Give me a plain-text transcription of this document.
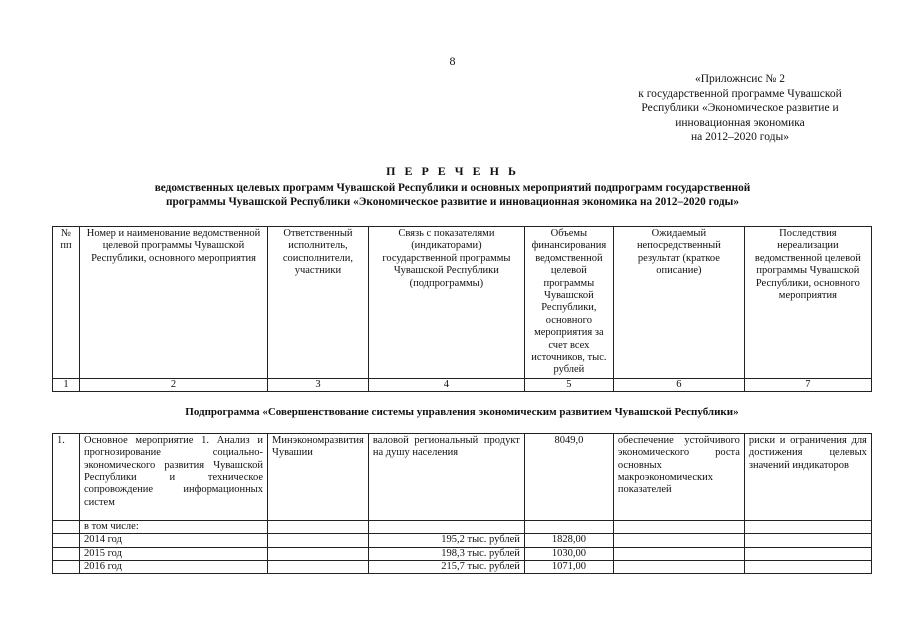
8
«Приложнсис № 2
к государственной программе Чувашской
Республики «Экономическое развитие и
инновационная экономика
на 2012–2020 годы»
П Е Р Е Ч Е Н Ь
ведомственных целевых программ Чувашской Республики и основных мероприятий подпрограмм государственной
программы Чувашской Республики «Экономическое развитие и инновационная экономика на 2012–2020 годы»
№ пп	Номер и наименование ведомственной целевой программы Чувашской Республики, основного мероприятия	Ответственный исполнитель, соисполнители, участники	Связь с показателями (индикаторами) государственной программы Чувашской Республики (подпрограммы)	Объемы финансирования ведомственной целевой программы Чувашской Республики, основного мероприятия за счет всех источников, тыс. рублей	Ожидаемый непосредственный результат (краткое описание)	Последствия нереализации ведомственной целевой программы Чувашской Республики, основного мероприятия
1	2	3	4	5	6	7
Подпрограмма «Совершенствование системы управления экономическим развитием Чувашской Республики»						
1.	Основное мероприятие 1. Анализ и прогнозирование социально-экономического развития Чувашской Республики и техническое сопровождение информационных систем	Минэкономразвития Чувашии	валовой региональный продукт на душу населения	8049,0	обеспечение устойчивого экономического роста основных макроэкономических показателей	риски и ограничения для достижения целевых значений индикаторов
	в том числе:					
	2014 год		195,2 тыс. рублей	1828,00		
	2015 год		198,3 тыс. рублей	1030,00		
	2016 год		215,7 тыс. рублей	1071,00		
